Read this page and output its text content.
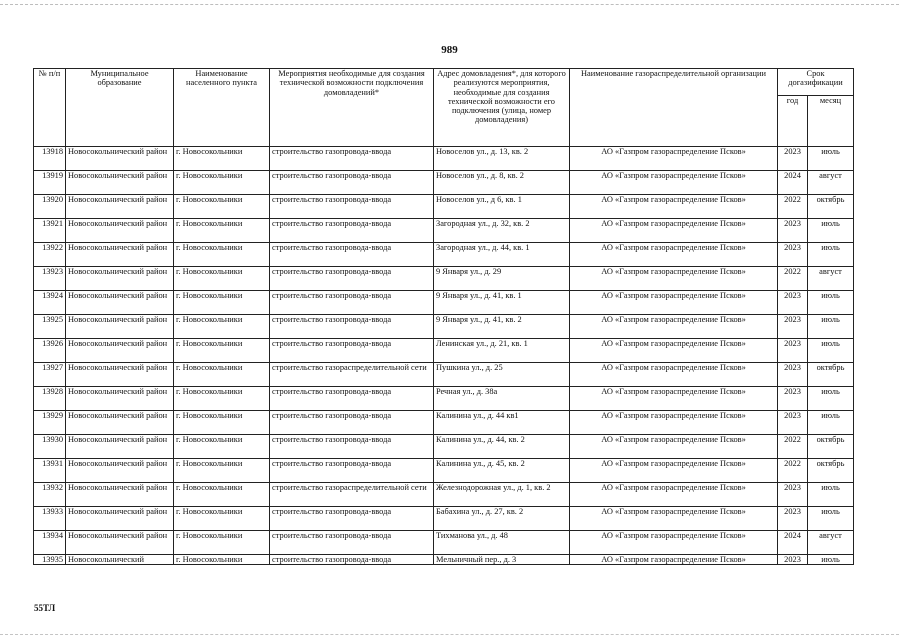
989
№ п/п	Муниципальное образование	Наименование населенного пункта	Мероприятия необходимые для создания технической возможности подключения домовладений*	Адрес домовладения*, для которого реализуются мероприятия, необходимые для создания технической возможности его подключения (улица, номер домовладения)	Наименование газораспределительной организации	Срок догазификации	
						год	месяц
13918	Новосокольнический район	г. Новосокольники	строительство газопровода-ввода	Новоселов ул., д. 13, кв. 2	АО «Газпром газораспределение Псков»	2023	июль
13919	Новосокольнический район	г. Новосокольники	строительство газопровода-ввода	Новоселов ул., д. 8, кв. 2	АО «Газпром газораспределение Псков»	2024	август
13920	Новосокольнический район	г. Новосокольники	строительство газопровода-ввода	Новоселов ул., д 6, кв. 1	АО «Газпром газораспределение Псков»	2022	октябрь
13921	Новосокольнический район	г. Новосокольники	строительство газопровода-ввода	Загородная ул., д. 32, кв. 2	АО «Газпром газораспределение Псков»	2023	июль
13922	Новосокольнический район	г. Новосокольники	строительство газопровода-ввода	Загородная ул., д. 44, кв. 1	АО «Газпром газораспределение Псков»	2023	июль
13923	Новосокольнический район	г. Новосокольники	строительство газопровода-ввода	9 Января ул., д. 29	АО «Газпром газораспределение Псков»	2022	август
13924	Новосокольнический район	г. Новосокольники	строительство газопровода-ввода	9 Января ул., д. 41, кв. 1	АО «Газпром газораспределение Псков»	2023	июль
13925	Новосокольнический район	г. Новосокольники	строительство газопровода-ввода	9 Января ул., д. 41, кв. 2	АО «Газпром газораспределение Псков»	2023	июль
13926	Новосокольнический район	г. Новосокольники	строительство газопровода-ввода	Ленинская ул., д. 21, кв. 1	АО «Газпром газораспределение Псков»	2023	июль
13927	Новосокольнический район	г. Новосокольники	строительство газораспределительной сети	Пушкина ул., д. 25	АО «Газпром газораспределение Псков»	2023	октябрь
13928	Новосокольнический район	г. Новосокольники	строительство газопровода-ввода	Речная ул., д. 38а	АО «Газпром газораспределение Псков»	2023	июль
13929	Новосокольнический район	г. Новосокольники	строительство газопровода-ввода	Калинина ул., д. 44 кв1	АО «Газпром газораспределение Псков»	2023	июль
13930	Новосокольнический район	г. Новосокольники	строительство газопровода-ввода	Калинина ул., д. 44, кв. 2	АО «Газпром газораспределение Псков»	2022	октябрь
13931	Новосокольнический район	г. Новосокольники	строительство газопровода-ввода	Калинина ул., д. 45, кв. 2	АО «Газпром газораспределение Псков»	2022	октябрь
13932	Новосокольнический район	г. Новосокольники	строительство газораспределительной сети	Железнодорожная ул., д. 1, кв. 2	АО «Газпром газораспределение Псков»	2023	июль
13933	Новосокольнический район	г. Новосокольники	строительство газопровода-ввода	Бабахина ул., д. 27, кв. 2	АО «Газпром газораспределение Псков»	2023	июль
13934	Новосокольнический район	г. Новосокольники	строительство газопровода-ввода	Тихманова ул., д. 48	АО «Газпром газораспределение Псков»	2024	август
13935	Новосокольнический	г. Новосокольники	строительство газопровода-ввода	Мельничный пер., д. 3	АО «Газпром газораспределение Псков»	2023	июль
55ТЛ
